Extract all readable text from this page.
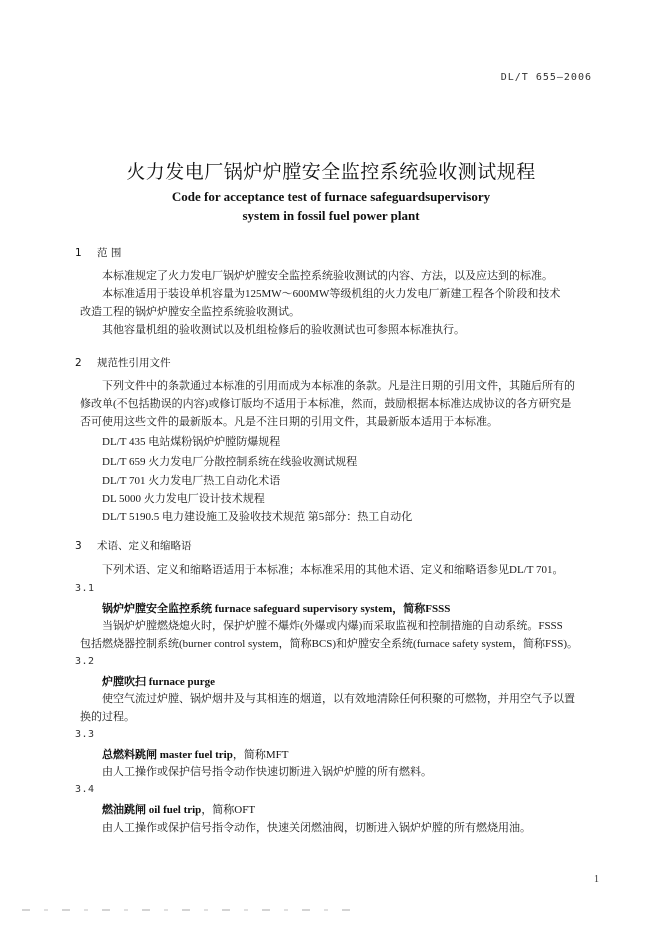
DL/T 655—2006
火力发电厂锅炉炉膛安全监控系统验收测试规程
Code for acceptance test of furnace safeguardsupervisory
system in fossil fuel power plant
1 范 围
本标准规定了火力发电厂锅炉炉膛安全监控系统验收测试的内容、方法，以及应达到的标准。
本标准适用于装设单机容量为125MW～600MW等级机组的火力发电厂新建工程各个阶段和技术
改造工程的锅炉炉膛安全监控系统验收测试。
其他容量机组的验收测试以及机组检修后的验收测试也可参照本标准执行。
2 规范性引用文件
下列文件中的条款通过本标准的引用而成为本标准的条款。凡是注日期的引用文件，其随后所有的
修改单(不包括勘误的内容)或修订版均不适用于本标准，然而，鼓励根据本标准达成协议的各方研究是
否可使用这些文件的最新版本。凡是不注日期的引用文件，其最新版本适用于本标准。
DL/T 435 电站煤粉锅炉炉膛防爆规程
DL/T 659 火力发电厂分散控制系统在线验收测试规程
DL/T 701 火力发电厂热工自动化术语
DL 5000 火力发电厂设计技术规程
DL/T 5190.5 电力建设施工及验收技术规范 第5部分：热工自动化
3 术语、定义和缩略语
下列术语、定义和缩略语适用于本标准；本标准采用的其他术语、定义和缩略语参见DL/T 701。
3.1
锅炉炉膛安全监控系统 furnace safeguard supervisory system，简称FSSS
当锅炉炉膛燃烧熄火时，保护炉膛不爆炸(外爆或内爆)而采取监视和控制措施的自动系统。FSSS
包括燃烧器控制系统(burner control system，简称BCS)和炉膛安全系统(furnace safety system，简称FSS)。
3.2
炉膛吹扫 furnace purge
使空气流过炉膛、锅炉烟井及与其相连的烟道，以有效地清除任何积聚的可燃物，并用空气予以置
换的过程。
3.3
总燃料跳闸 master fuel trip，简称MFT
由人工操作或保护信号指令动作快速切断进入锅炉炉膛的所有燃料。
3.4
燃油跳闸 oil fuel trip，简称OFT
由人工操作或保护信号指令动作，快速关闭燃油阀，切断进入锅炉炉膛的所有燃烧用油。
1
